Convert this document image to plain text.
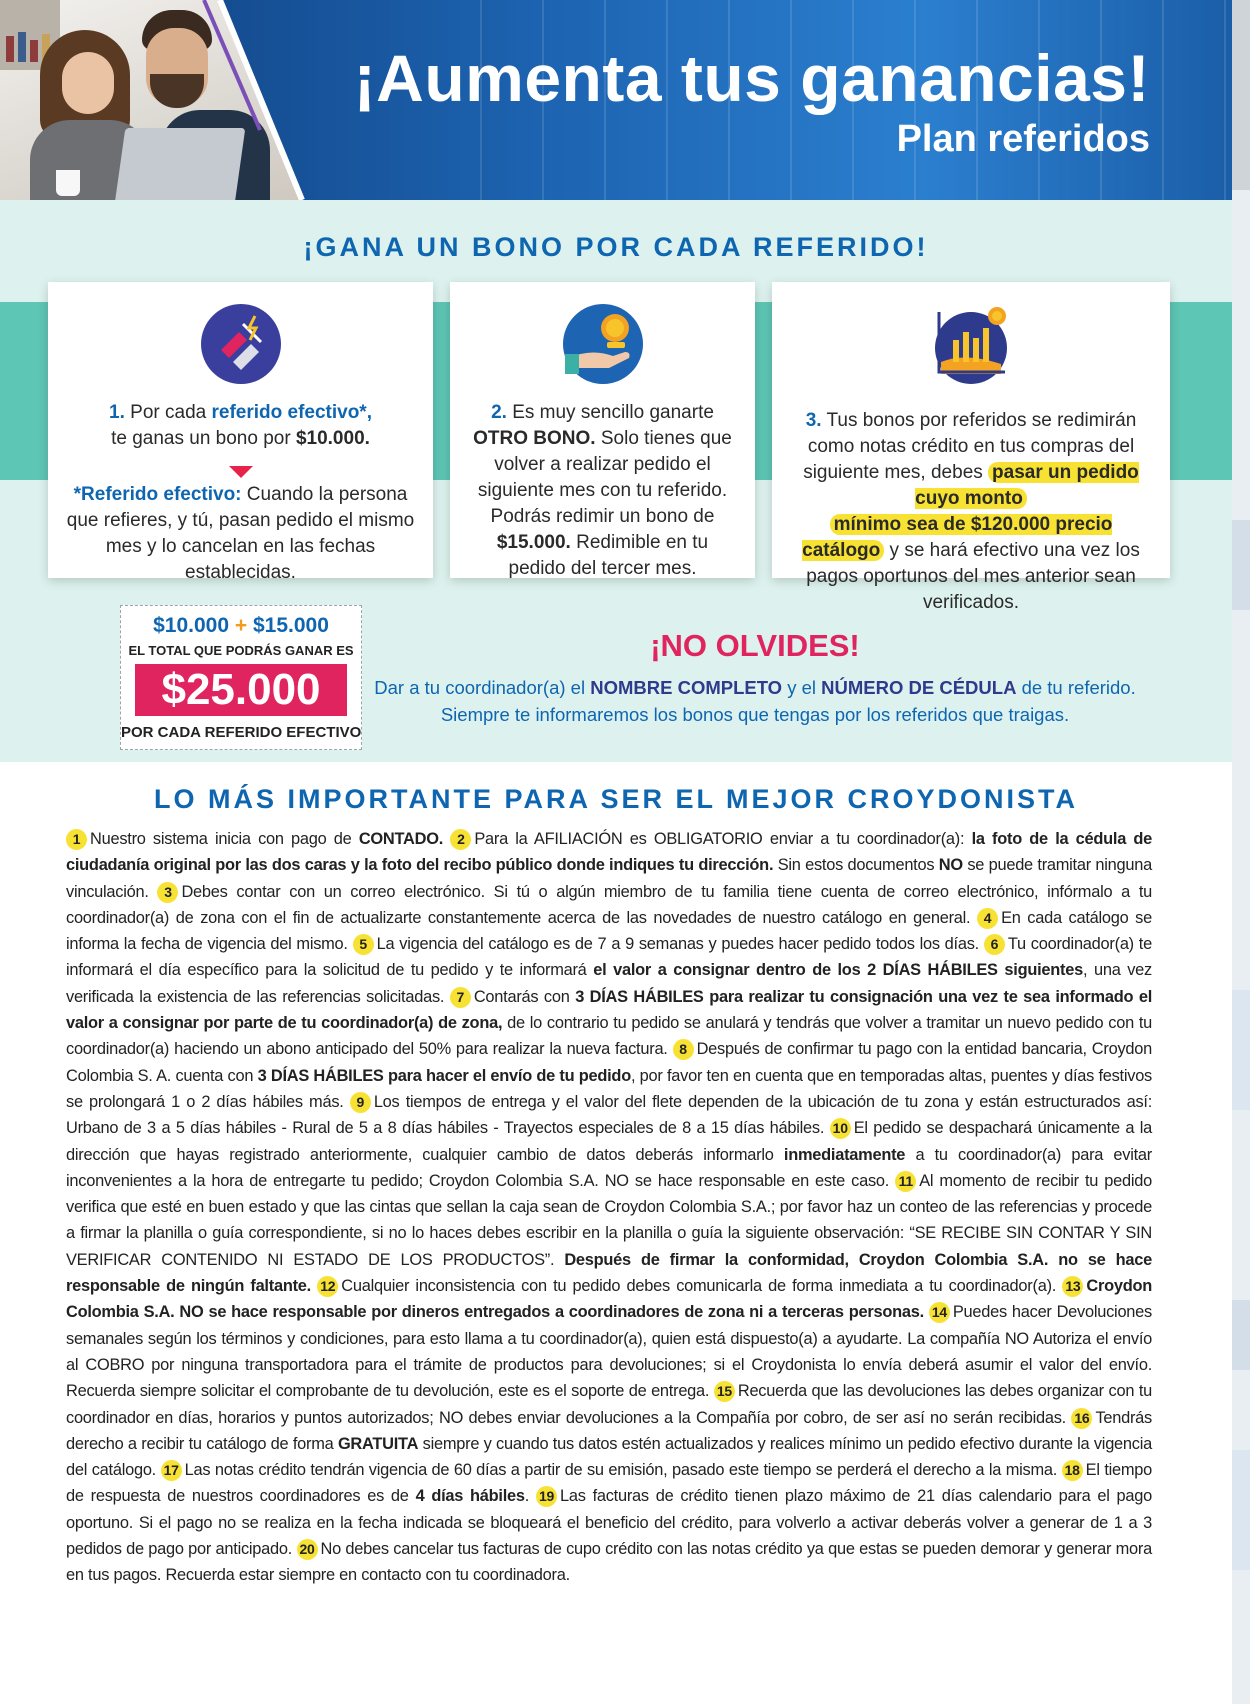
¡Aumenta tus ganancias!
Plan referidos
¡GANA UN BONO POR CADA REFERIDO!
1. Por cada referido efectivo*,
te ganas un bono por $10.000.
*Referido efectivo: Cuando la persona que refieres, y tú, pasan pedido el mismo mes y lo cancelan en las fechas establecidas.
2. Es muy sencillo ganarte OTRO BONO. Solo tienes que volver a realizar pedido el siguiente mes con tu referido. Podrás redimir un bono de $15.000. Redimible en tu pedido del tercer mes.
3. Tus bonos por referidos se redimirán como notas crédito en tus compras del siguiente mes, debes pasar un pedido cuyo monto
mínimo sea de $120.000 precio catálogo y se hará efectivo una vez los pagos oportunos del mes anterior sean verificados.
$10.000 + $15.000
EL TOTAL QUE PODRÁS GANAR ES
$25.000
POR CADA REFERIDO EFECTIVO
¡NO OLVIDES!
Dar a tu coordinador(a) el NOMBRE COMPLETO y el NÚMERO DE CÉDULA de tu referido.
Siempre te informaremos los bonos que tengas por los referidos que traigas.
LO MÁS IMPORTANTE PARA SER EL MEJOR CROYDONISTA
1 Nuestro sistema inicia con pago de CONTADO. 2 Para la AFILIACIÓN es OBLIGATORIO enviar a tu coordinador(a): la foto de la cédula de ciudadanía original por las dos caras y la foto del recibo público donde indiques tu dirección. Sin estos documentos NO se puede tramitar ninguna vinculación. 3 Debes contar con un correo electrónico. Si tú o algún miembro de tu familia tiene cuenta de correo electrónico, infórmalo a tu coordinador(a) de zona con el fin de actualizarte constantemente acerca de las novedades de nuestro catálogo en general. 4 En cada catálogo se informa la fecha de vigencia del mismo. 5 La vigencia del catálogo es de 7 a 9 semanas y puedes hacer pedido todos los días. 6 Tu coordinador(a) te informará el día específico para la solicitud de tu pedido y te informará el valor a consignar dentro de los 2 DÍAS HÁBILES siguientes, una vez verificada la existencia de las referencias solicitadas. 7 Contarás con 3 DÍAS HÁBILES para realizar tu consignación una vez te sea informado el valor a consignar por parte de tu coordinador(a) de zona, de lo contrario tu pedido se anulará y tendrás que volver a tramitar un nuevo pedido con tu coordinador(a) haciendo un abono anticipado del 50% para realizar la nueva factura. 8 Después de confirmar tu pago con la entidad bancaria, Croydon Colombia S. A. cuenta con 3 DÍAS HÁBILES para hacer el envío de tu pedido, por favor ten en cuenta que en temporadas altas, puentes y días festivos se prolongará 1 o 2 días hábiles más. 9 Los tiempos de entrega y el valor del flete dependen de la ubicación de tu zona y están estructurados así: Urbano de 3 a 5 días hábiles - Rural de 5 a 8 días hábiles - Trayectos especiales de 8 a 15 días hábiles. 10 El pedido se despachará únicamente a la dirección que hayas registrado anteriormente, cualquier cambio de datos deberás informarlo inmediatamente a tu coordinador(a) para evitar inconvenientes a la hora de entregarte tu pedido; Croydon Colombia S.A. NO se hace responsable en este caso. 11 Al momento de recibir tu pedido verifica que esté en buen estado y que las cintas que sellan la caja sean de Croydon Colombia S.A.; por favor haz un conteo de las referencias y procede a firmar la planilla o guía correspondiente, si no lo haces debes escribir en la planilla o guía la siguiente observación: “SE RECIBE SIN CONTAR Y SIN VERIFICAR CONTENIDO NI ESTADO DE LOS PRODUCTOS”. Después de firmar la conformidad, Croydon Colombia S.A. no se hace responsable de ningún faltante. 12 Cualquier inconsistencia con tu pedido debes comunicarla de forma inmediata a tu coordinador(a). 13 Croydon Colombia S.A. NO se hace responsable por dineros entregados a coordinadores de zona ni a terceras personas. 14 Puedes hacer Devoluciones semanales según los términos y condiciones, para esto llama a tu coordinador(a), quien está dispuesto(a) a ayudarte. La compañía NO Autoriza el envío al COBRO por ninguna transportadora para el trámite de productos para devoluciones; si el Croydonista lo envía deberá asumir el valor del envío. Recuerda siempre solicitar el comprobante de tu devolución, este es el soporte de entrega. 15 Recuerda que las devoluciones las debes organizar con tu coordinador en días, horarios y puntos autorizados; NO debes enviar devoluciones a la Compañía por cobro, de ser así no serán recibidas. 16 Tendrás derecho a recibir tu catálogo de forma GRATUITA siempre y cuando tus datos estén actualizados y realices mínimo un pedido efectivo durante la vigencia del catálogo. 17 Las notas crédito tendrán vigencia de 60 días a partir de su emisión, pasado este tiempo se perderá el derecho a la misma. 18 El tiempo de respuesta de nuestros coordinadores es de 4 días hábiles. 19 Las facturas de crédito tienen plazo máximo de 21 días calendario para el pago oportuno. Si el pago no se realiza en la fecha indicada se bloqueará el beneficio del crédito, para volverlo a activar deberás volver a generar de 1 a 3 pedidos de pago por anticipado. 20 No debes cancelar tus facturas de cupo crédito con las notas crédito ya que estas se pueden demorar y generar mora en tus pagos. Recuerda estar siempre en contacto con tu coordinadora.
